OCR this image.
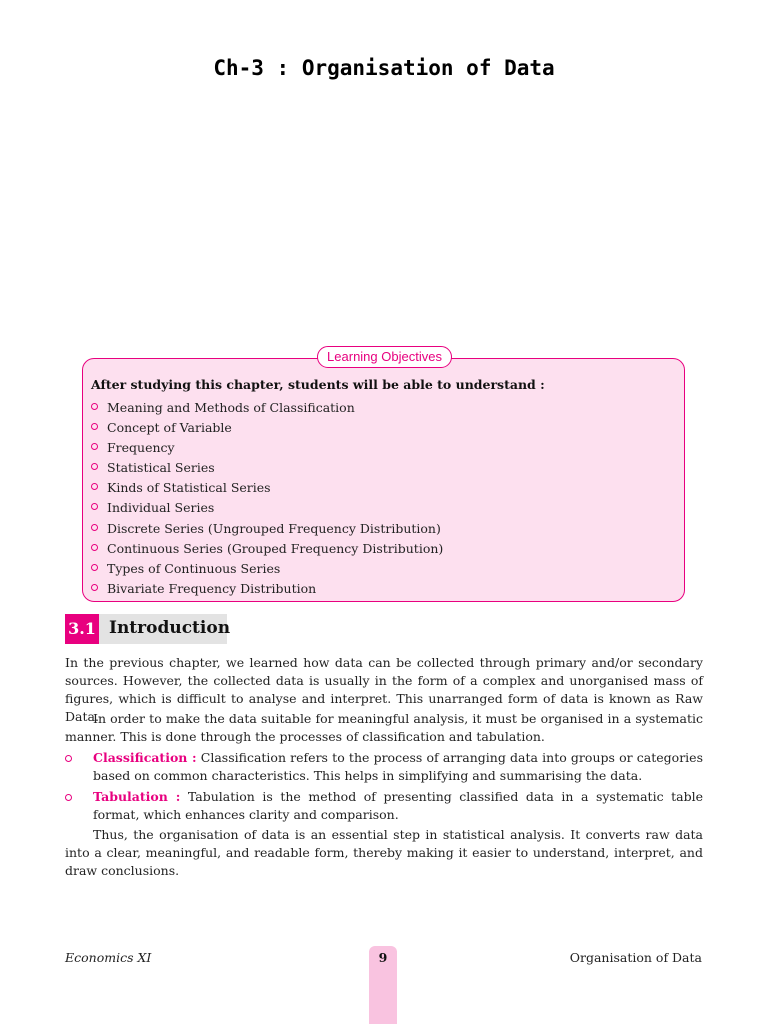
Ch-3 : Organisation of Data
Learning Objectives
After studying this chapter, students will be able to understand :
Meaning and Methods of Classification
Concept of Variable
Frequency
Statistical Series
Kinds of Statistical Series
Individual Series
Discrete Series (Ungrouped Frequency Distribution)
Continuous Series (Grouped Frequency Distribution)
Types of Continuous Series
Bivariate Frequency Distribution
3.1 Introduction

In the previous chapter, we learned how data can be collected through primary and/or secondary sources. However, the collected data is usually in the form of a complex and unorganised mass of figures, which is difficult to analyse and interpret. This unarranged form of data is known as Raw Data.

In order to make the data suitable for meaningful analysis, it must be organised in a systematic manner. This is done through the processes of classification and tabulation.

Classification : Classification refers to the process of arranging data into groups or categories based on common characteristics. This helps in simplifying and summarising the data.
Tabulation : Tabulation is the method of presenting classified data in a systematic table format, which enhances clarity and comparison.

Thus, the organisation of data is an essential step in statistical analysis. It converts raw data into a clear, meaningful, and readable form, thereby making it easier to understand, interpret, and draw conclusions.

Economics XI	9	Organisation of Data
